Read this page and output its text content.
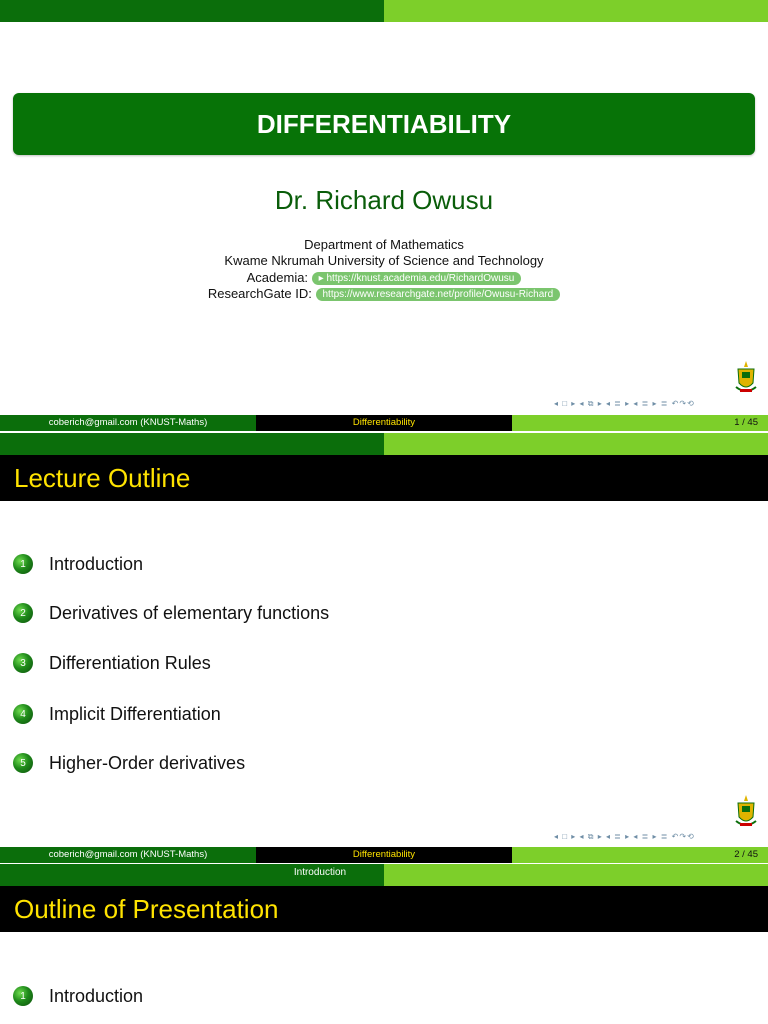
DIFFERENTIABILITY
Dr. Richard Owusu
Department of Mathematics
Kwame Nkrumah University of Science and Technology
Academia: ▸ https://knust.academia.edu/RichardOwusu
ResearchGate ID: https://www.researchgate.net/profile/Owusu-Richard
◂ □ ▸ ◂ ⧉ ▸ ◂ ≣ ▸ ◂ ≣ ▸ ≣ ↶↷⟲
coberich@gmail.com (KNUST-Maths)	Differentiability	1 / 45
Lecture Outline
1	Introduction
2	Derivatives of elementary functions
3	Differentiation Rules
4	Implicit Differentiation
5	Higher-Order derivatives
◂ □ ▸ ◂ ⧉ ▸ ◂ ≣ ▸ ◂ ≣ ▸ ≣ ↶↷⟲
coberich@gmail.com (KNUST-Maths)	Differentiability	2 / 45
Introduction
Outline of Presentation
1	Introduction
